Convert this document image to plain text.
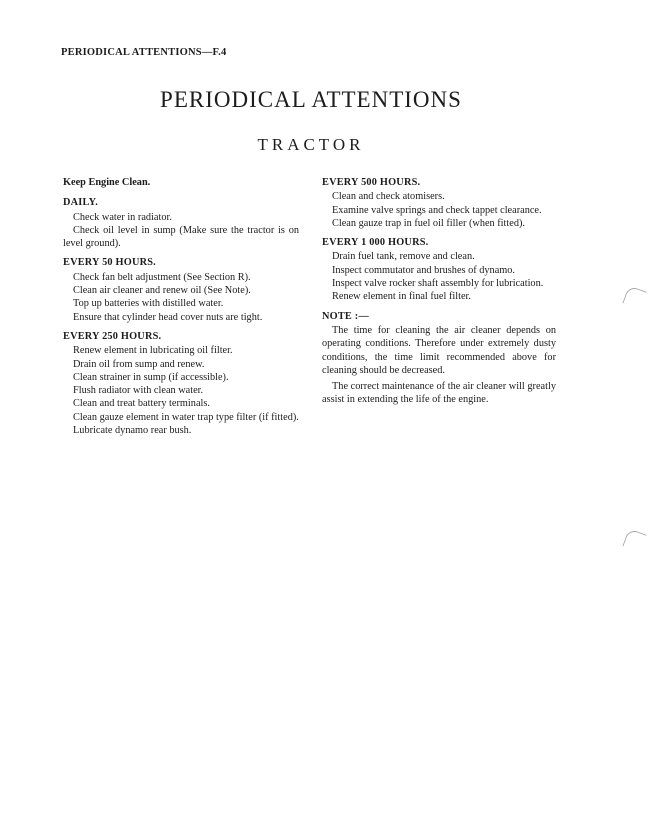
PERIODICAL ATTENTIONS—F.4
PERIODICAL ATTENTIONS
TRACTOR

Keep Engine Clean.

DAILY.

Check water in radiator.

Check oil level in sump (Make sure the tractor is on level ground).

EVERY 50 HOURS.

Check fan belt adjustment (See Section R).

Clean air cleaner and renew oil (See Note).

Top up batteries with distilled water.

Ensure that cylinder head cover nuts are tight.

EVERY 250 HOURS.

Renew element in lubricating oil filter.

Drain oil from sump and renew.

Clean strainer in sump (if accessible).

Flush radiator with clean water.

Clean and treat battery terminals.

Clean gauze element in water trap type filter (if fitted).

Lubricate dynamo rear bush.

EVERY 500 HOURS.

Clean and check atomisers.

Examine valve springs and check tappet clearance.

Clean gauze trap in fuel oil filler (when fitted).

EVERY 1 000 HOURS.

Drain fuel tank, remove and clean.

Inspect commutator and brushes of dynamo.

Inspect valve rocker shaft assembly for lubrication.

Renew element in final fuel filter.

NOTE :—

The time for cleaning the air cleaner depends on operating conditions. Therefore under extremely dusty conditions, the time limit recommended above for cleaning should be decreased.

The correct maintenance of the air cleaner will greatly assist in extending the life of the engine.
